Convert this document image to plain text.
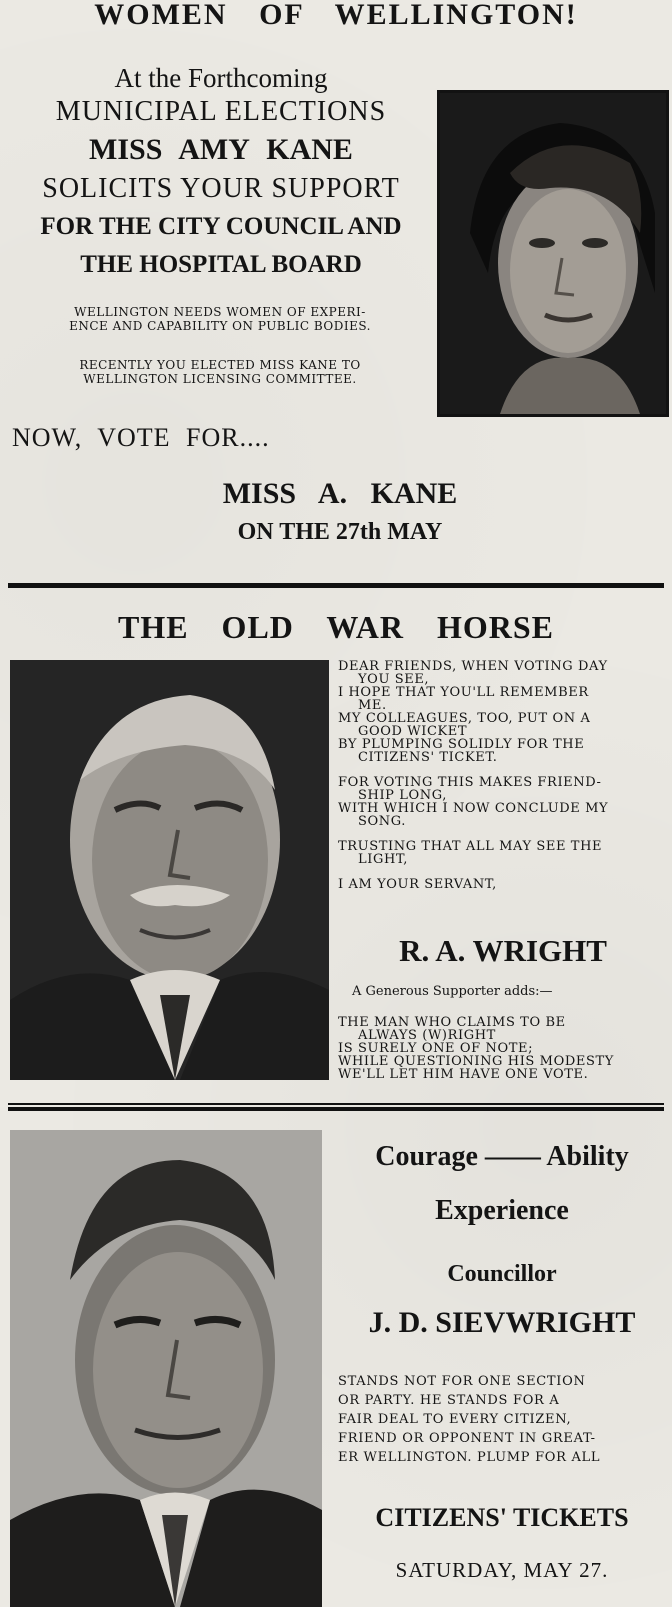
WOMEN OF WELLINGTON!
At the Forthcoming
MUNICIPAL ELECTIONS
MISS AMY KANE
SOLICITS YOUR SUPPORT
FOR THE CITY COUNCIL AND
THE HOSPITAL BOARD
WELLINGTON NEEDS WOMEN OF EXPERI-
ENCE AND CAPABILITY ON PUBLIC BODIES.
RECENTLY YOU ELECTED MISS KANE TO
WELLINGTON LICENSING COMMITTEE.
NOW, VOTE FOR....
MISS A. KANE
ON THE 27th MAY
THE OLD WAR HORSE

DEAR FRIENDS, WHEN VOTING DAY

YOU SEE,

I HOPE THAT YOU'LL REMEMBER

ME.

MY COLLEAGUES, TOO, PUT ON A

GOOD WICKET

BY PLUMPING SOLIDLY FOR THE

CITIZENS' TICKET.

FOR VOTING THIS MAKES FRIEND-

SHIP LONG,

WITH WHICH I NOW CONCLUDE MY

SONG.

TRUSTING THAT ALL MAY SEE THE

LIGHT,

I AM YOUR SERVANT,

R. A. WRIGHT
A Generous Supporter adds:—

THE MAN WHO CLAIMS TO BE

ALWAYS (W)RIGHT

IS SURELY ONE OF NOTE;

WHILE QUESTIONING HIS MODESTY

WE'LL LET HIM HAVE ONE VOTE.

Courage —— Ability
Experience
Councillor
J. D. SIEVWRIGHT

STANDS NOT FOR ONE SECTION

OR PARTY. HE STANDS FOR A

FAIR DEAL TO EVERY CITIZEN,

FRIEND OR OPPONENT IN GREAT-

ER WELLINGTON. PLUMP FOR ALL

CITIZENS' TICKETS
SATURDAY, MAY 27.
